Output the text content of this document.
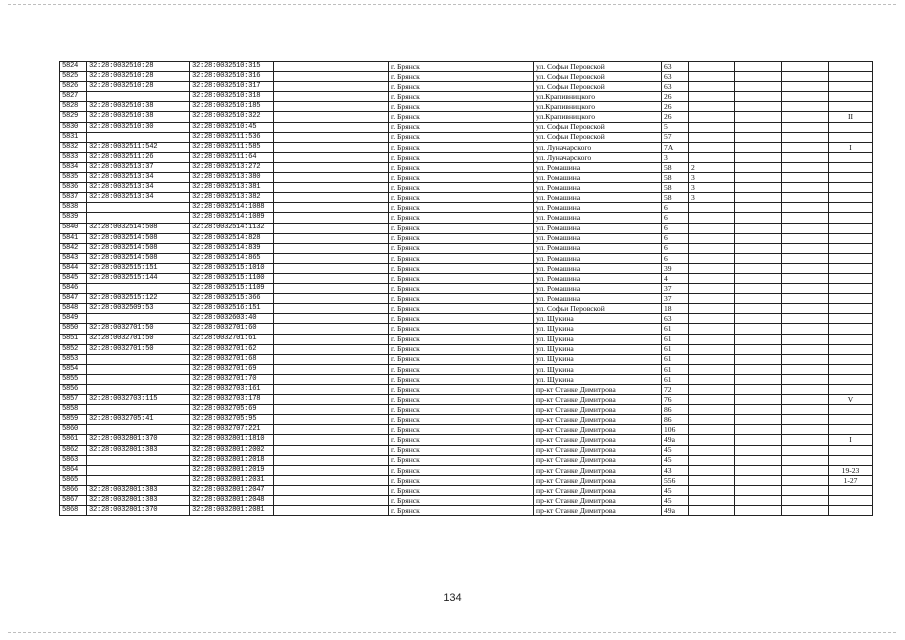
5824	32:28:0032510:28	32:28:0032510:315		г. Брянск	ул. Софьи Перовской	63				
5825	32:28:0032510:28	32:28:0032510:316		г. Брянск	ул. Софьи Перовской	63				
5826	32:28:0032510:28	32:28:0032510:317		г. Брянск	ул. Софьи Перовской	63				
5827		32:28:0032510:318		г. Брянск	ул.Крапивницкого	26				
5828	32:28:0032510:38	32:28:0032510:185		г. Брянск	ул.Крапивницкого	26				
5829	32:28:0032510:38	32:28:0032510:322		г. Брянск	ул.Крапивницкого	26				II
5830	32:28:0032510:30	32:28:0032510:45		г. Брянск	ул. Софьи Перовской	5				
5831		32:28:0032511:536		г. Брянск	ул. Софьи Перовской	57				
5832	32:28:0032511:542	32:28:0032511:585		г. Брянск	ул. Луначарского	7А				I
5833	32:28:0032511:26	32:28:0032511:64		г. Брянск	ул. Луначарского	3				
5834	32:28:0032513:37	32:28:0032513:272		г. Брянск	ул. Ромашина	58	2			
5835	32:28:0032513:34	32:28:0032513:380		г. Брянск	ул. Ромашина	58	3			
5836	32:28:0032513:34	32:28:0032513:381		г. Брянск	ул. Ромашина	58	3			
5837	32:28:0032513:34	32:28:0032513:382		г. Брянск	ул. Ромашина	58	3			
5838		32:28:0032514:1088		г. Брянск	ул. Ромашина	6				
5839		32:28:0032514:1089		г. Брянск	ул. Ромашина	6				
5840	32:28:0032514:508	32:28:0032514:1132		г. Брянск	ул. Ромашина	6				
5841	32:28:0032514:508	32:28:0032514:828		г. Брянск	ул. Ромашина	6				
5842	32:28:0032514:508	32:28:0032514:839		г. Брянск	ул. Ромашина	6				
5843	32:28:0032514:508	32:28:0032514:865		г. Брянск	ул. Ромашина	6				
5844	32:28:0032515:151	32:28:0032515:1010		г. Брянск	ул. Ромашина	39				
5845	32:28:0032515:144	32:28:0032515:1100		г. Брянск	ул. Ромашина	4				
5846		32:28:0032515:1109		г. Брянск	ул. Ромашина	37				
5847	32:28:0032515:122	32:28:0032515:366		г. Брянск	ул. Ромашина	37				
5848	32:28:0032509:53	32:28:0032516:151		г. Брянск	ул. Софьи Перовской	18				
5849		32:28:0032603:40		г. Брянск	ул. Щукина	63				
5850	32:28:0032701:50	32:28:0032701:60		г. Брянск	ул. Щукина	61				
5851	32:28:0032701:50	32:28:0032701:61		г. Брянск	ул. Щукина	61				
5852	32:28:0032701:50	32:28:0032701:62		г. Брянск	ул. Щукина	61				
5853		32:28:0032701:68		г. Брянск	ул. Щукина	61				
5854		32:28:0032701:69		г. Брянск	ул. Щукина	61				
5855		32:28:0032701:70		г. Брянск	ул. Щукина	61				
5856		32:28:0032703:161		г. Брянск	пр-кт Станке Димитрова	72				
5857	32:28:0032703:115	32:28:0032703:178		г. Брянск	пр-кт Станке Димитрова	76				V
5858		32:28:0032705:69		г. Брянск	пр-кт Станке Димитрова	86				
5859	32:28:0032705:41	32:28:0032705:95		г. Брянск	пр-кт Станке Димитрова	86				
5860		32:28:0032707:221		г. Брянск	пр-кт Станке Димитрова	106				
5861	32:28:0032801:370	32:28:0032801:1810		г. Брянск	пр-кт Станке Димитрова	49а				I
5862	32:28:0032801:383	32:28:0032801:2002		г. Брянск	пр-кт Станке Димитрова	45				
5863		32:28:0032801:2018		г. Брянск	пр-кт Станке Димитрова	45				
5864		32:28:0032801:2019		г. Брянск	пр-кт Станке Димитрова	43				19-23
5865		32:28:0032801:2031		г. Брянск	пр-кт Станке Димитрова	556				1-27
5866	32:28:0032801:383	32:28:0032801:2047		г. Брянск	пр-кт Станке Димитрова	45				
5867	32:28:0032801:383	32:28:0032801:2048		г. Брянск	пр-кт Станке Димитрова	45				
5868	32:28:0032801:370	32:28:0032801:2081		г. Брянск	пр-кт Станке Димитрова	49а				
134
